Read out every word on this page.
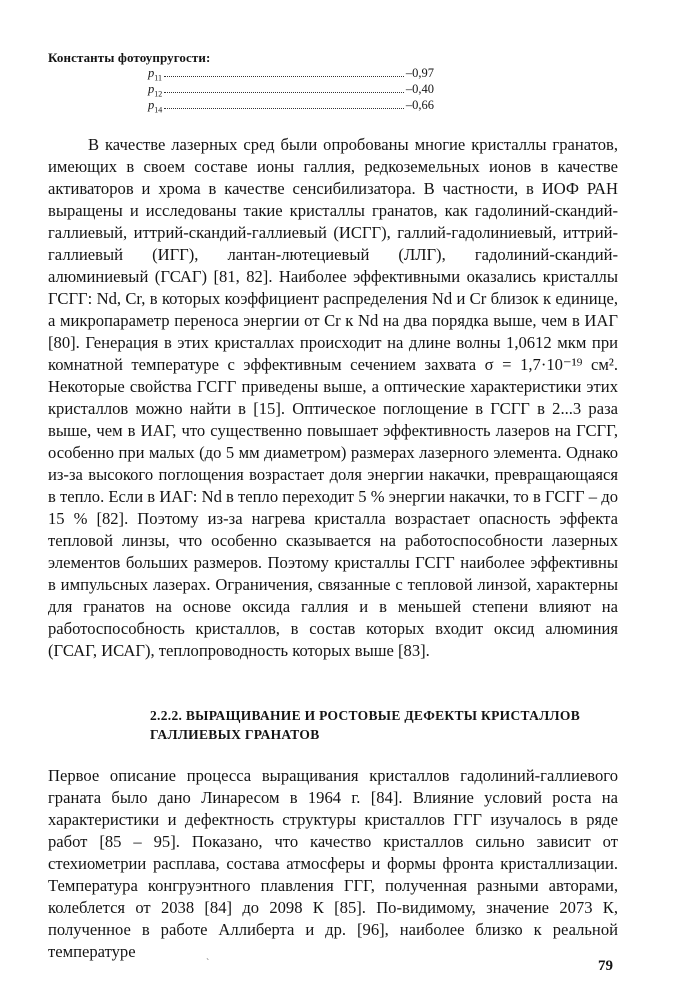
Константы фотоупругости:
$p_{11}$	–0,97
$p_{12}$	–0,40
$p_{14}$	–0,66

В качестве лазерных сред были опробованы многие кристаллы гранатов, имеющих в своем составе ионы галлия, редкоземельных ионов в качестве активаторов и хрома в качестве сенсибилизатора. В частности, в ИОФ РАН выращены и исследованы такие кристаллы гранатов, как гадолиний-скандий-галлиевый, иттрий-скандий-галлиевый (ИСГГ), галлий-гадолиниевый, иттрий-галлиевый (ИГГ), лантан-лютециевый (ЛЛГ), гадолиний-скандий-алюминиевый (ГСАГ) [81, 82]. Наиболее эффективными оказались кристаллы ГСГГ: Nd, Cr, в которых коэффициент распределения Nd и Cr близок к единице, а микропараметр переноса энергии от Cr к Nd на два порядка выше, чем в ИАГ [80]. Генерация в этих кристаллах происходит на длине волны 1,0612 мкм при комнатной температуре с эффективным сечением захвата σ = 1,7·10⁻¹⁹ см². Некоторые свойства ГСГГ приведены выше, а оптические характеристики этих кристаллов можно найти в [15]. Оптическое поглощение в ГСГГ в 2...3 раза выше, чем в ИАГ, что существенно повышает эффективность лазеров на ГСГГ, особенно при малых (до 5 мм диаметром) размерах лазерного элемента. Однако из-за высокого поглощения возрастает доля энергии накачки, превращающаяся в тепло. Если в ИАГ: Nd в тепло переходит 5 % энергии накачки, то в ГСГГ – до 15 % [82]. Поэтому из-за нагрева кристалла возрастает опасность эффекта тепловой линзы, что особенно сказывается на работоспособности лазерных элементов больших размеров. Поэтому кристаллы ГСГГ наиболее эффективны в импульсных лазерах. Ограничения, связанные с тепловой линзой, характерны для гранатов на основе оксида галлия и в меньшей степени влияют на работоспособность кристаллов, в состав которых входит оксид алюминия (ГСАГ, ИСАГ), теплопроводность которых выше [83].

2.2.2. ВЫРАЩИВАНИЕ И РОСТОВЫЕ ДЕФЕКТЫ КРИСТАЛЛОВ ГАЛЛИЕВЫХ ГРАНАТОВ

Первое описание процесса выращивания кристаллов гадолиний-галлиевого граната было дано Линаресом в 1964 г. [84]. Влияние условий роста на характеристики и дефектность структуры кристаллов ГГГ изучалось в ряде работ [85 – 95]. Показано, что качество кристаллов сильно зависит от стехиометрии расплава, состава атмосферы и формы фронта кристаллизации. Температура конгруэнтного плавления ГГГ, полученная разными авторами, колеблется от 2038 [84] до 2098 К [85]. По-видимому, значение 2073 К, полученное в работе Аллиберта и др. [96], наиболее близко к реальной температуре

`	79
